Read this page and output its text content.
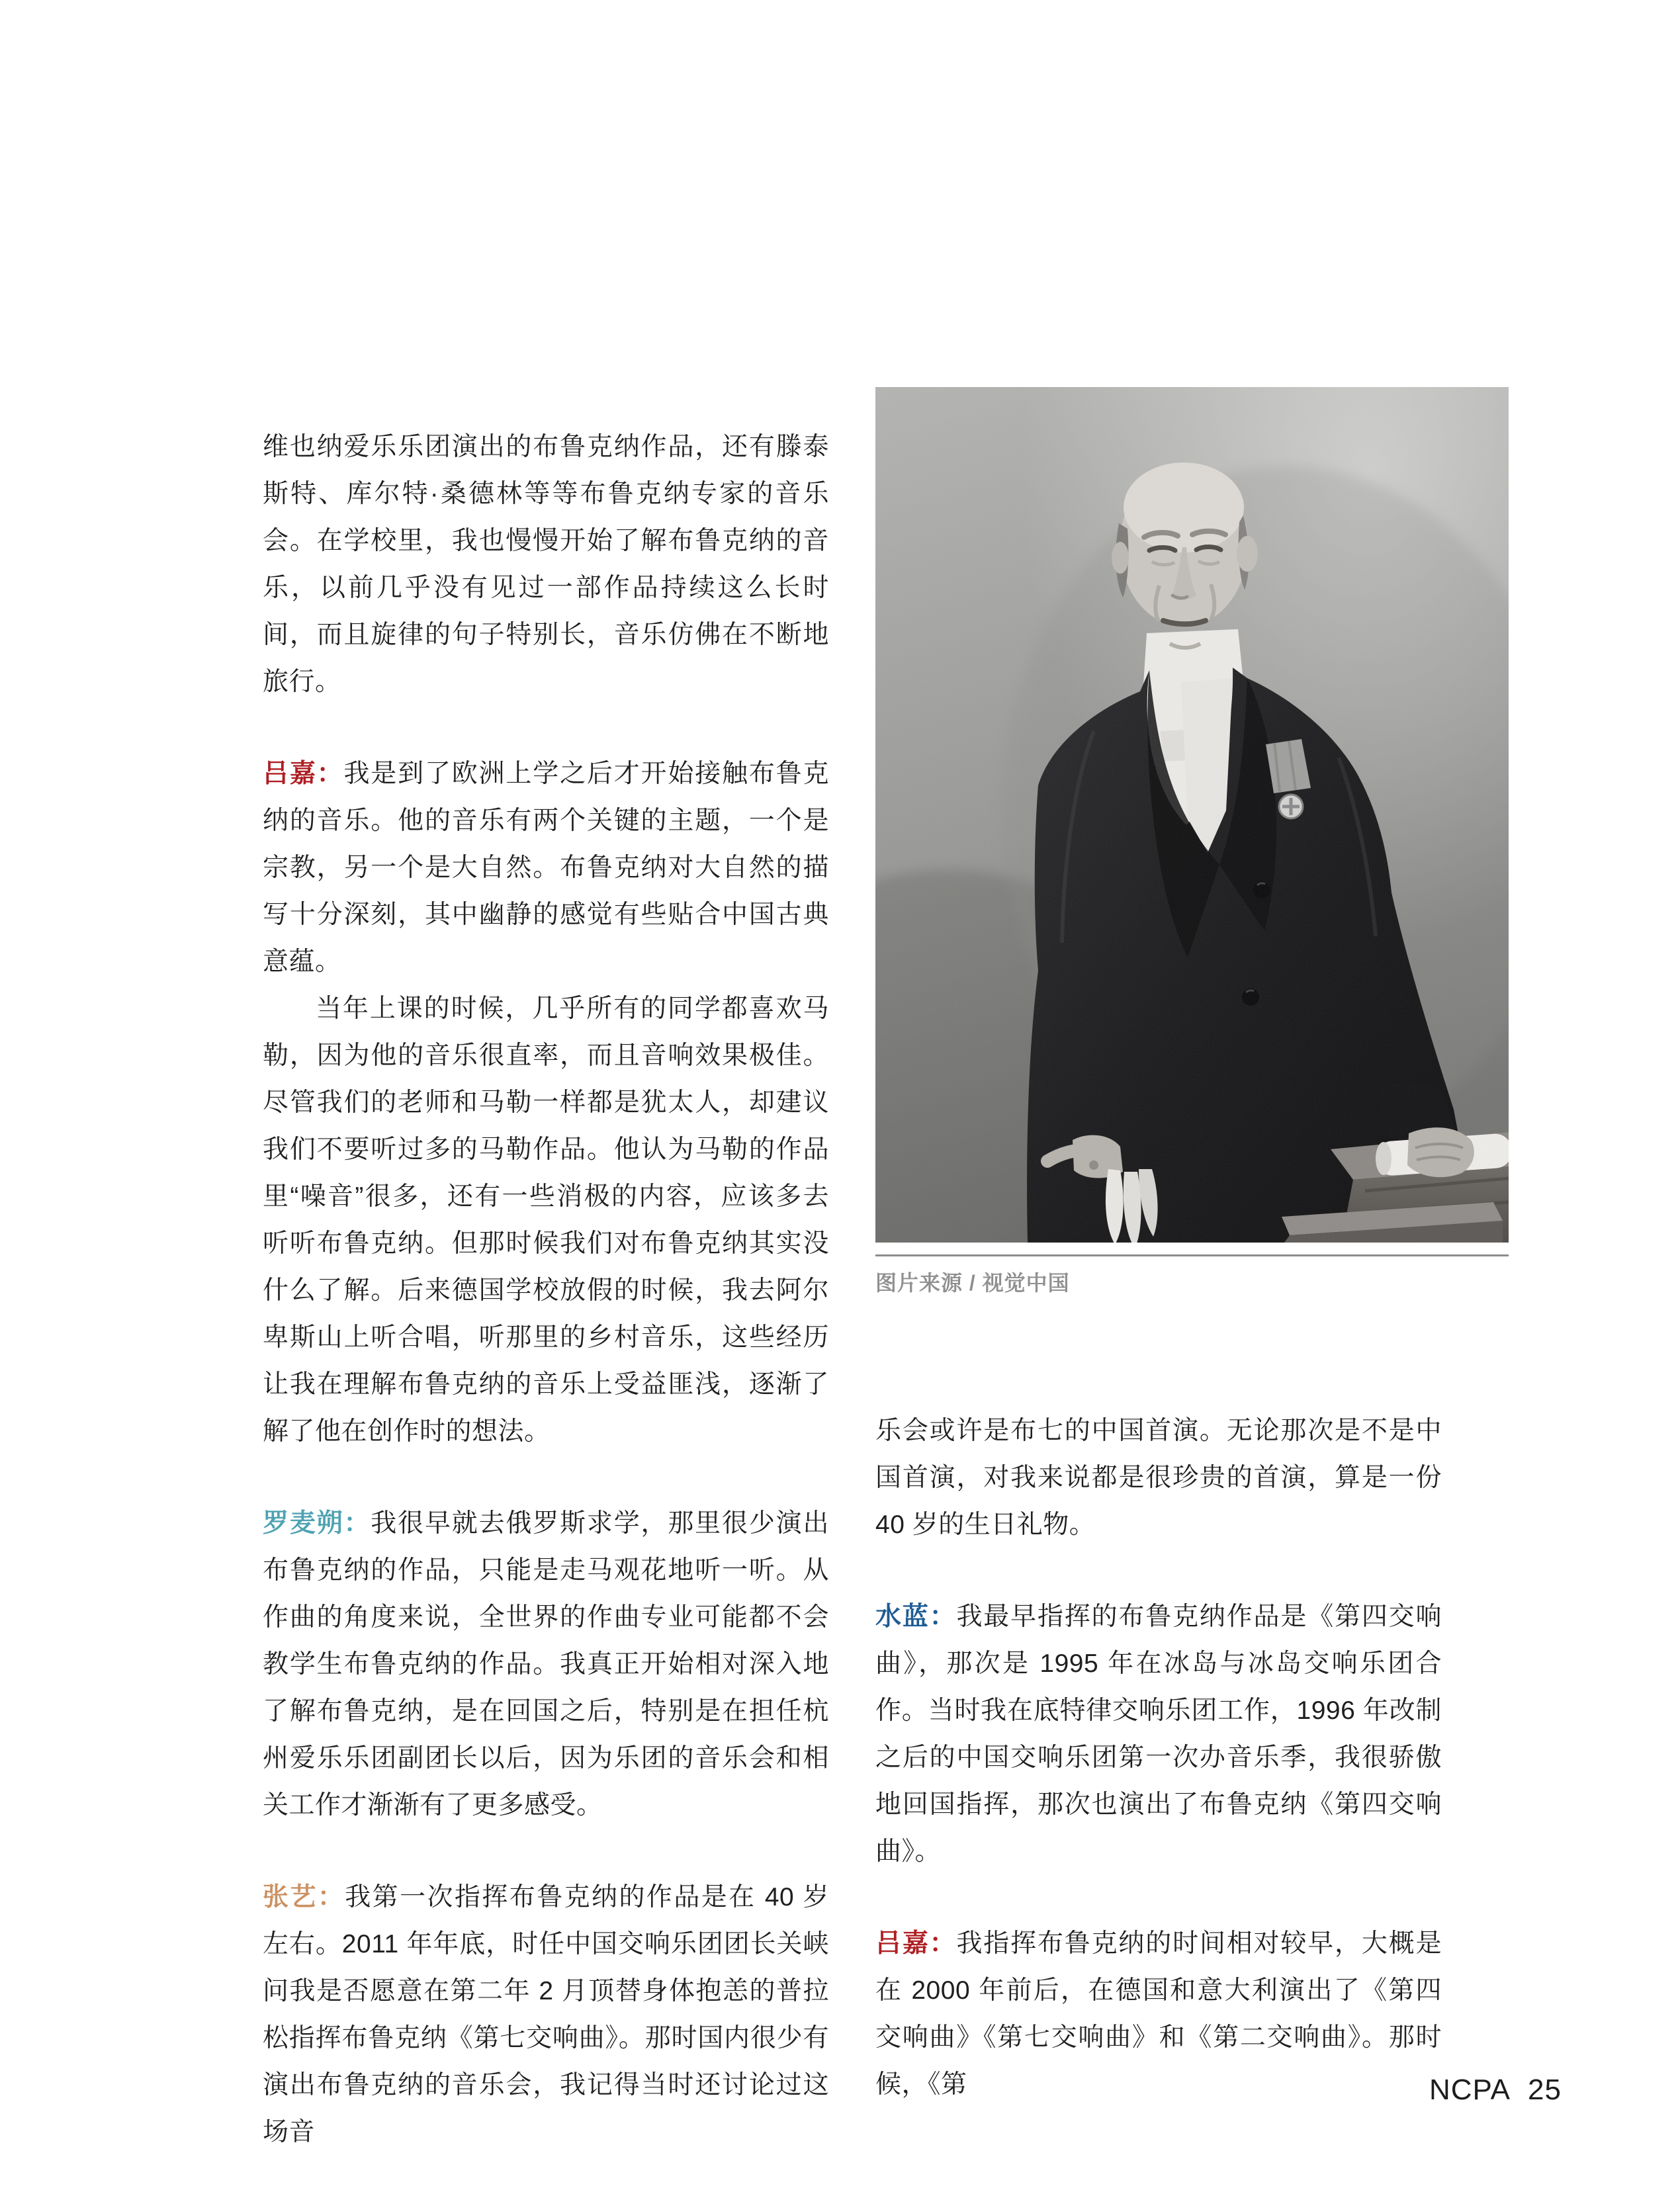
维也纳爱乐乐团演出的布鲁克纳作品，还有滕泰斯特、库尔特·桑德林等等布鲁克纳专家的音乐会。在学校里，我也慢慢开始了解布鲁克纳的音乐，以前几乎没有见过一部作品持续这么长时间，而且旋律的句子特别长，音乐仿佛在不断地旅行。

吕嘉：我是到了欧洲上学之后才开始接触布鲁克纳的音乐。他的音乐有两个关键的主题，一个是宗教，另一个是大自然。布鲁克纳对大自然的描写十分深刻，其中幽静的感觉有些贴合中国古典意蕴。

当年上课的时候，几乎所有的同学都喜欢马勒，因为他的音乐很直率，而且音响效果极佳。尽管我们的老师和马勒一样都是犹太人，却建议我们不要听过多的马勒作品。他认为马勒的作品里“噪音”很多，还有一些消极的内容，应该多去听听布鲁克纳。但那时候我们对布鲁克纳其实没什么了解。后来德国学校放假的时候，我去阿尔卑斯山上听合唱，听那里的乡村音乐，这些经历让我在理解布鲁克纳的音乐上受益匪浅，逐渐了解了他在创作时的想法。

罗麦朔：我很早就去俄罗斯求学，那里很少演出布鲁克纳的作品，只能是走马观花地听一听。从作曲的角度来说，全世界的作曲专业可能都不会教学生布鲁克纳的作品。我真正开始相对深入地了解布鲁克纳，是在回国之后，特别是在担任杭州爱乐乐团副团长以后，因为乐团的音乐会和相关工作才渐渐有了更多感受。

张艺：我第一次指挥布鲁克纳的作品是在 40 岁左右。2011 年年底，时任中国交响乐团团长关峡问我是否愿意在第二年 2 月顶替身体抱恙的普拉松指挥布鲁克纳《第七交响曲》。那时国内很少有演出布鲁克纳的音乐会，我记得当时还讨论过这场音

图片来源 / 视觉中国

乐会或许是布七的中国首演。无论那次是不是中国首演，对我来说都是很珍贵的首演，算是一份 40 岁的生日礼物。

水蓝：我最早指挥的布鲁克纳作品是《第四交响曲》，那次是 1995 年在冰岛与冰岛交响乐团合作。当时我在底特律交响乐团工作，1996 年改制之后的中国交响乐团第一次办音乐季，我很骄傲地回国指挥，那次也演出了布鲁克纳《第四交响曲》。

吕嘉：我指挥布鲁克纳的时间相对较早，大概是在 2000 年前后，在德国和意大利演出了《第四交响曲》《第七交响曲》和《第二交响曲》。那时候，《第	NCPA 25
